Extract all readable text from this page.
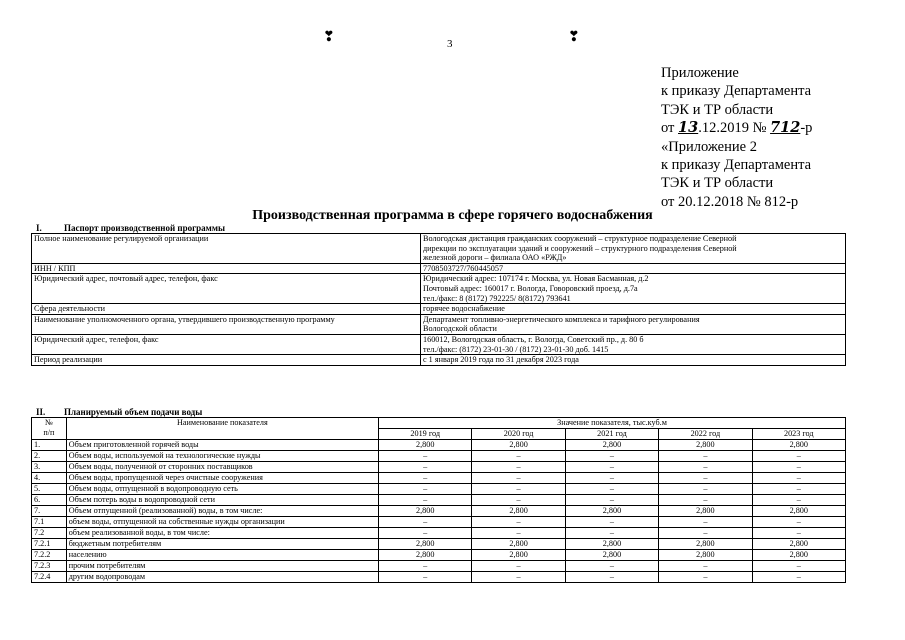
❣	❣
3
Приложение
к приказу Департамента
ТЭК и ТР области
от 13.12.2019 № 712-р
«Приложение 2
к приказу Департамента
ТЭК и ТР области
от 20.12.2018 № 812-р
Производственная программа в сфере горячего водоснабжения
I. Паспорт производственной программы
Полное наименование регулируемой организации	Вологодская дистанция гражданских сооружений – структурное подразделение Северной
дирекции по эксплуатации зданий и сооружений – структурного подразделения Северной
железной дороги – филиала ОАО «РЖД»

ИНН / КПП	7708503727/760445057

Юридический адрес, почтовый адрес, телефон, факс	Юридический адрес: 107174 г. Москва, ул. Новая Басманная, д.2
Почтовый адрес: 160017 г. Вологда, Говоровский проезд, д.7а
тел./факс: 8 (8172) 792225/ 8(8172) 793641

Сфера деятельности	горячее водоснабжение

Наименование уполномоченного органа, утвердившего производственную программу	Департамент топливно-энергетического комплекса и тарифного регулирования
Вологодской области

Юридический адрес, телефон, факс	160012, Вологодская область, г. Вологда, Советский пр., д. 80 б
тел./факс: (8172) 23-01-30 / (8172) 23-01-30 доб. 1415

Период реализации	с 1 января 2019 года по 31 декабря 2023 года
II. Планируемый объем подачи воды
№
п/п	Наименование показателя	Значение показателя, тыс.куб.м				
		2019 год	2020 год	2021 год	2022 год	2023 год
1.	Объем приготовленной горячей воды	2,800	2,800	2,800	2,800	2,800
2.	Объем воды, используемой на технологические нужды	–	–	–	–	–
3.	Объем воды, полученной от сторонних поставщиков	–	–	–	–	–
4.	Объем воды, пропущенной через очистные сооружения	–	–	–	–	–
5.	Объем воды, отпущенной в водопроводную сеть	–	–	–	–	–
6.	Объем потерь воды в водопроводной сети	–	–	–	–	–
7.	Объем отпущенной (реализованной) воды, в том числе:	2,800	2,800	2,800	2,800	2,800
7.1	объем воды, отпущенной на собственные нужды организации	–	–	–	–	–
7.2	объем реализованной воды, в том числе:	–	–	–	–	–
7.2.1	бюджетным потребителям	2,800	2,800	2,800	2,800	2,800
7.2.2	населению	2,800	2,800	2,800	2,800	2,800
7.2.3	прочим потребителям	–	–	–	–	–
7.2.4	другим водопроводам	–	–	–	–	–
